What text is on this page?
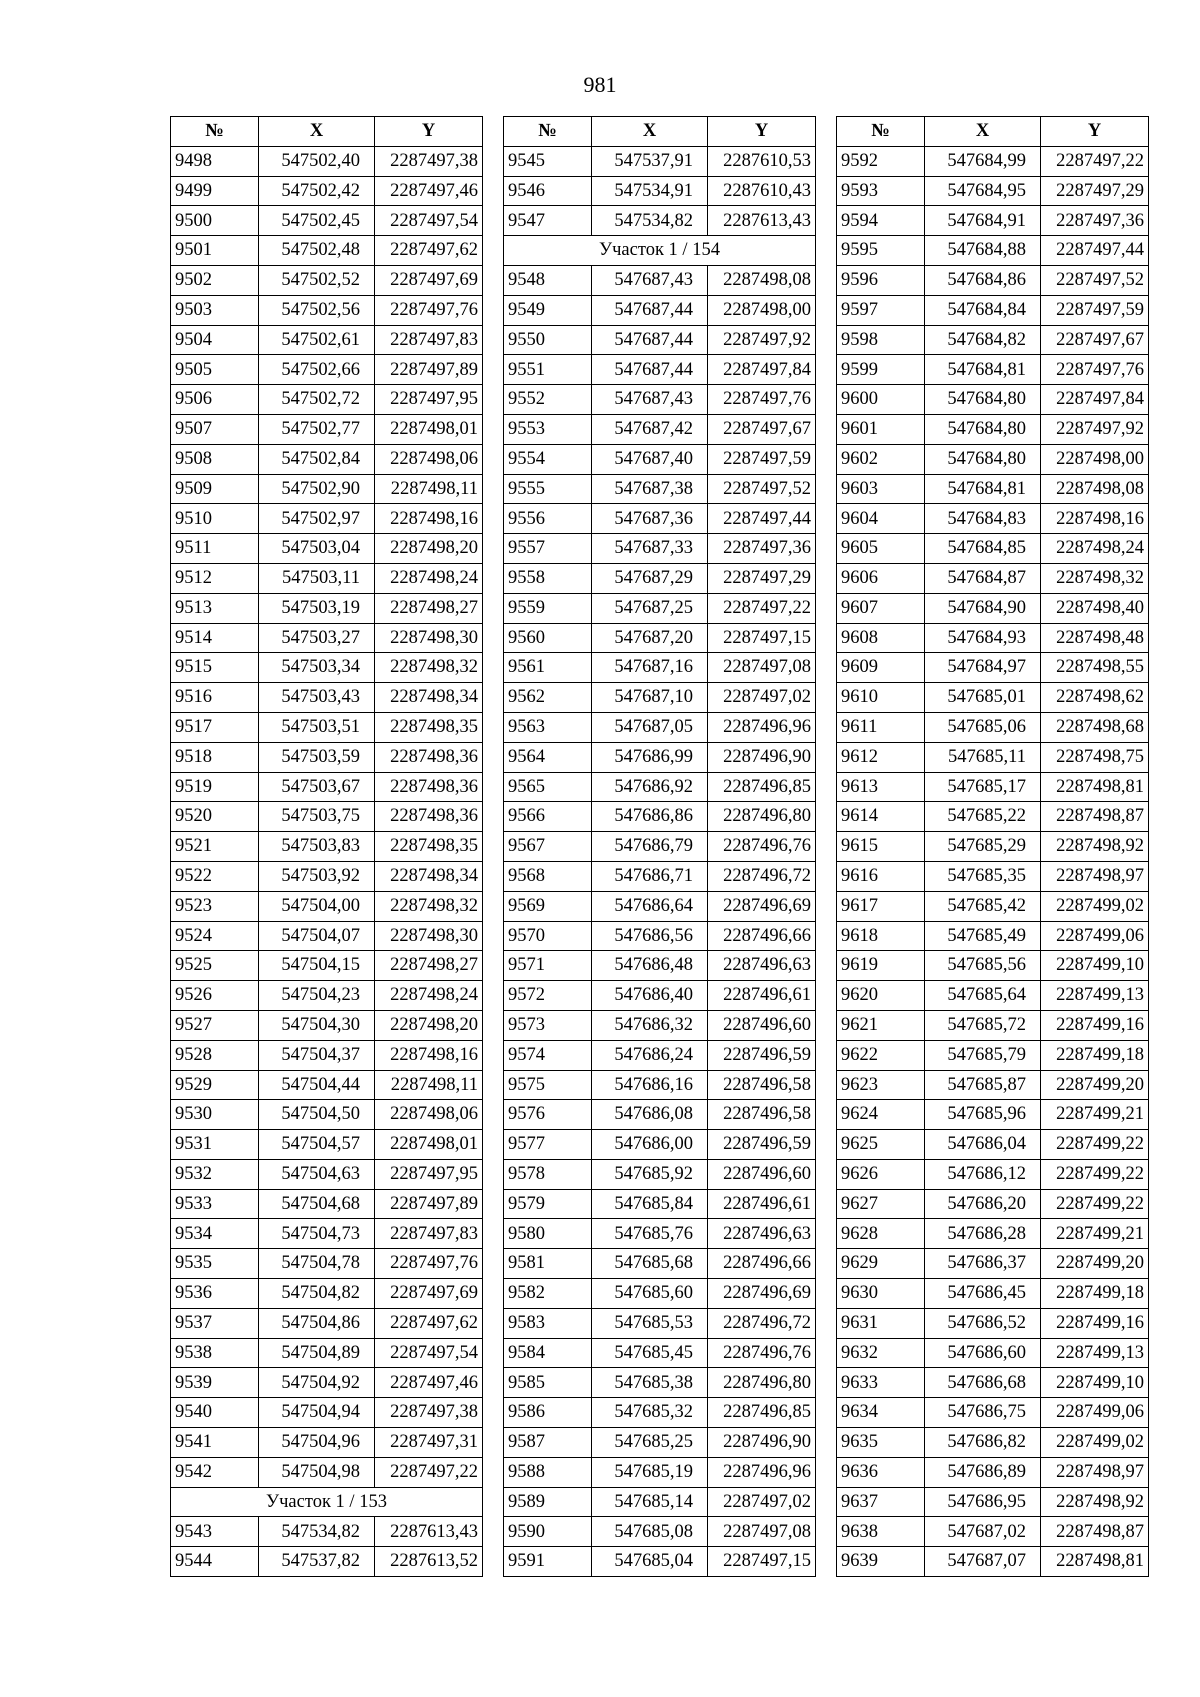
981
№	X	Y
9498	547502,40	2287497,38
9499	547502,42	2287497,46
9500	547502,45	2287497,54
9501	547502,48	2287497,62
9502	547502,52	2287497,69
9503	547502,56	2287497,76
9504	547502,61	2287497,83
9505	547502,66	2287497,89
9506	547502,72	2287497,95
9507	547502,77	2287498,01
9508	547502,84	2287498,06
9509	547502,90	2287498,11
9510	547502,97	2287498,16
9511	547503,04	2287498,20
9512	547503,11	2287498,24
9513	547503,19	2287498,27
9514	547503,27	2287498,30
9515	547503,34	2287498,32
9516	547503,43	2287498,34
9517	547503,51	2287498,35
9518	547503,59	2287498,36
9519	547503,67	2287498,36
9520	547503,75	2287498,36
9521	547503,83	2287498,35
9522	547503,92	2287498,34
9523	547504,00	2287498,32
9524	547504,07	2287498,30
9525	547504,15	2287498,27
9526	547504,23	2287498,24
9527	547504,30	2287498,20
9528	547504,37	2287498,16
9529	547504,44	2287498,11
9530	547504,50	2287498,06
9531	547504,57	2287498,01
9532	547504,63	2287497,95
9533	547504,68	2287497,89
9534	547504,73	2287497,83
9535	547504,78	2287497,76
9536	547504,82	2287497,69
9537	547504,86	2287497,62
9538	547504,89	2287497,54
9539	547504,92	2287497,46
9540	547504,94	2287497,38
9541	547504,96	2287497,31
9542	547504,98	2287497,22
Участок 1 / 153		
9543	547534,82	2287613,43
9544	547537,82	2287613,52
№	X	Y
9545	547537,91	2287610,53
9546	547534,91	2287610,43
9547	547534,82	2287613,43
Участок 1 / 154		
9548	547687,43	2287498,08
9549	547687,44	2287498,00
9550	547687,44	2287497,92
9551	547687,44	2287497,84
9552	547687,43	2287497,76
9553	547687,42	2287497,67
9554	547687,40	2287497,59
9555	547687,38	2287497,52
9556	547687,36	2287497,44
9557	547687,33	2287497,36
9558	547687,29	2287497,29
9559	547687,25	2287497,22
9560	547687,20	2287497,15
9561	547687,16	2287497,08
9562	547687,10	2287497,02
9563	547687,05	2287496,96
9564	547686,99	2287496,90
9565	547686,92	2287496,85
9566	547686,86	2287496,80
9567	547686,79	2287496,76
9568	547686,71	2287496,72
9569	547686,64	2287496,69
9570	547686,56	2287496,66
9571	547686,48	2287496,63
9572	547686,40	2287496,61
9573	547686,32	2287496,60
9574	547686,24	2287496,59
9575	547686,16	2287496,58
9576	547686,08	2287496,58
9577	547686,00	2287496,59
9578	547685,92	2287496,60
9579	547685,84	2287496,61
9580	547685,76	2287496,63
9581	547685,68	2287496,66
9582	547685,60	2287496,69
9583	547685,53	2287496,72
9584	547685,45	2287496,76
9585	547685,38	2287496,80
9586	547685,32	2287496,85
9587	547685,25	2287496,90
9588	547685,19	2287496,96
9589	547685,14	2287497,02
9590	547685,08	2287497,08
9591	547685,04	2287497,15
№	X	Y
9592	547684,99	2287497,22
9593	547684,95	2287497,29
9594	547684,91	2287497,36
9595	547684,88	2287497,44
9596	547684,86	2287497,52
9597	547684,84	2287497,59
9598	547684,82	2287497,67
9599	547684,81	2287497,76
9600	547684,80	2287497,84
9601	547684,80	2287497,92
9602	547684,80	2287498,00
9603	547684,81	2287498,08
9604	547684,83	2287498,16
9605	547684,85	2287498,24
9606	547684,87	2287498,32
9607	547684,90	2287498,40
9608	547684,93	2287498,48
9609	547684,97	2287498,55
9610	547685,01	2287498,62
9611	547685,06	2287498,68
9612	547685,11	2287498,75
9613	547685,17	2287498,81
9614	547685,22	2287498,87
9615	547685,29	2287498,92
9616	547685,35	2287498,97
9617	547685,42	2287499,02
9618	547685,49	2287499,06
9619	547685,56	2287499,10
9620	547685,64	2287499,13
9621	547685,72	2287499,16
9622	547685,79	2287499,18
9623	547685,87	2287499,20
9624	547685,96	2287499,21
9625	547686,04	2287499,22
9626	547686,12	2287499,22
9627	547686,20	2287499,22
9628	547686,28	2287499,21
9629	547686,37	2287499,20
9630	547686,45	2287499,18
9631	547686,52	2287499,16
9632	547686,60	2287499,13
9633	547686,68	2287499,10
9634	547686,75	2287499,06
9635	547686,82	2287499,02
9636	547686,89	2287498,97
9637	547686,95	2287498,92
9638	547687,02	2287498,87
9639	547687,07	2287498,81
